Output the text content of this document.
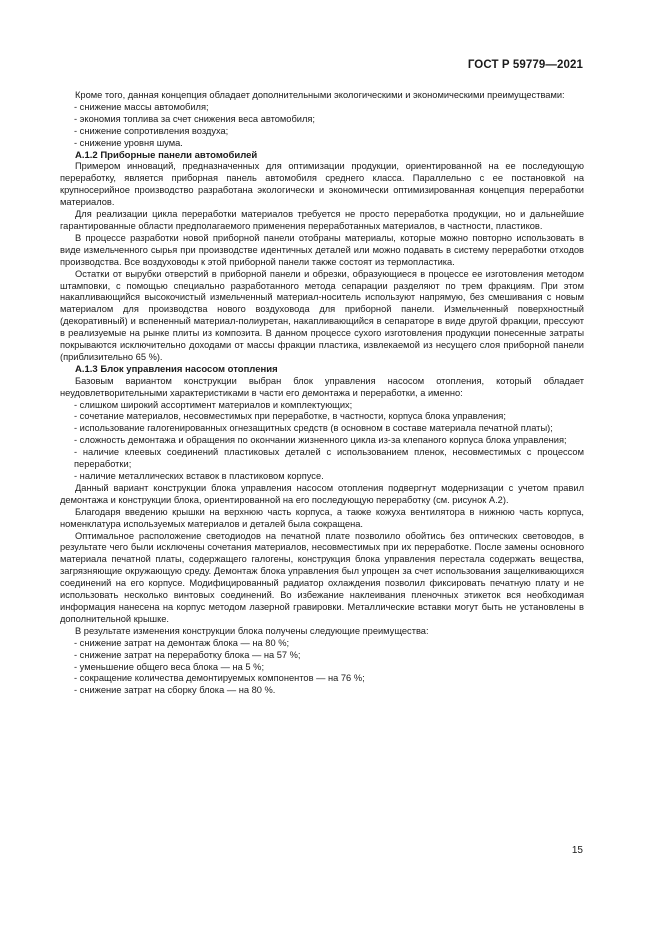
ГОСТ Р 59779—2021

Кроме того, данная концепция обладает дополнительными экологическими и экономическими преимуществами:

- снижение массы автомобиля;
- экономия топлива за счет снижения веса автомобиля;
- снижение сопротивления воздуха;
- снижение уровня шума.
А.1.2 Приборные панели автомобилей

Примером инноваций, предназначенных для оптимизации продукции, ориентированной на ее последующую переработку, является приборная панель автомобиля среднего класса. Параллельно с ее постановкой на крупносерийное производство разработана экологически и экономически оптимизированная концепция переработки материалов.

Для реализации цикла переработки материалов требуется не просто переработка продукции, но и дальнейшие гарантированные области предполагаемого применения переработанных материалов, в частности, пластиков.

В процессе разработки новой приборной панели отобраны материалы, которые можно повторно использовать в виде измельченного сырья при производстве идентичных деталей или можно подавать в систему переработки отходов производства. Все воздуховоды к этой приборной панели также состоят из термопластика.

Остатки от вырубки отверстий в приборной панели и обрезки, образующиеся в процессе ее изготовления методом штамповки, с помощью специально разработанного метода сепарации разделяют по трем фракциям. При этом накапливающийся высокочистый измельченный материал-носитель используют напрямую, без смешивания с новым материалом для производства нового воздуховода для приборной панели. Измельченный поверхностный (декоративный) и вспененный материал-полиуретан, накапливающийся в сепараторе в виде другой фракции, прессуют в реализуемые на рынке плиты из композита. В данном процессе сухого изготовления продукции понесенные затраты покрываются исключительно доходами от массы фракции пластика, извлекаемой из несущего слоя приборной панели (приблизительно 65 %).

А.1.3 Блок управления насосом отопления

Базовым вариантом конструкции выбран блок управления насосом отопления, который обладает неудовлетворительными характеристиками в части его демонтажа и переработки, а именно:

- слишком широкий ассортимент материалов и комплектующих;
- сочетание материалов, несовместимых при переработке, в частности, корпуса блока управления;
- использование галогенированных огнезащитных средств (в основном в составе материала печатной платы);
- сложность демонтажа и обращения по окончании жизненного цикла из-за клепаного корпуса блока управления;
- наличие клеевых соединений пластиковых деталей с использованием пленок, несовместимых с процессом переработки;
- наличие металлических вставок в пластиковом корпусе.

Данный вариант конструкции блока управления насосом отопления подвергнут модернизации с учетом правил демонтажа и конструкции блока, ориентированной на его последующую переработку (см. рисунок А.2).

Благодаря введению крышки на верхнюю часть корпуса, а также кожуха вентилятора в нижнюю часть корпуса, номенклатура используемых материалов и деталей была сокращена.

Оптимальное расположение светодиодов на печатной плате позволило обойтись без оптических световодов, в результате чего были исключены сочетания материалов, несовместимых при их переработке. После замены основного материала печатной платы, содержащего галогены, конструкция блока управления перестала содержать вещества, загрязняющие окружающую среду. Демонтаж блока управления был упрощен за счет использования защелкивающихся соединений на его корпусе. Модифицированный радиатор охлаждения позволил фиксировать печатную плату и не использовать несколько винтовых соединений. Во избежание наклеивания пленочных этикеток вся необходимая информация нанесена на корпус методом лазерной гравировки. Металлические вставки могут быть не установлены в дополнительной крышке.

В результате изменения конструкции блока получены следующие преимущества:

- снижение затрат на демонтаж блока — на 80 %;
- снижение затрат на переработку блока — на 57 %;
- уменьшение общего веса блока — на 5 %;
- сокращение количества демонтируемых компонентов — на 76 %;
- снижение затрат на сборку блока — на 80 %.
15
